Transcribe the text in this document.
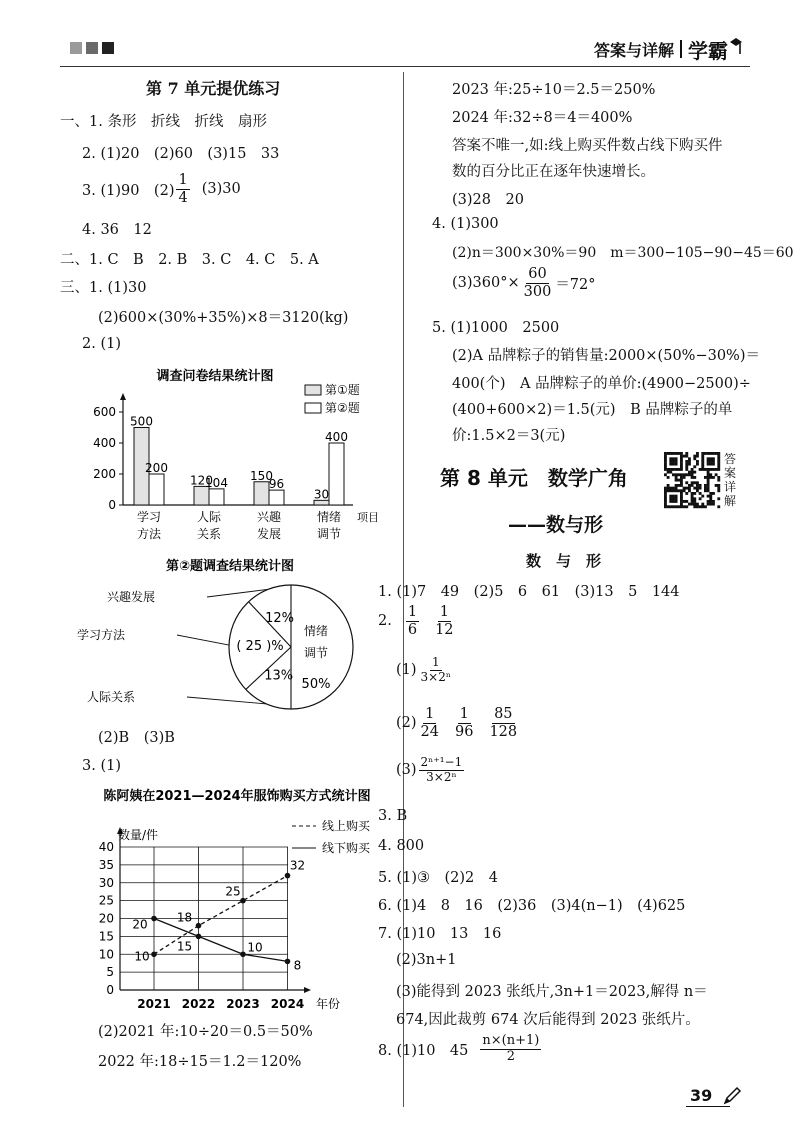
答案与详解 学霸
第 7 单元提优练习
一、1. 条形　折线　折线　扇形
2. (1)20　(2)60　(3)15　33
3. (1)90　$(2) \frac{1}{4} (3)30$
4. 36　12
二、1. C　B　2. B　3. C　4. C　5. A
三、1. (1)30
(2)600×(30%+35%)×8＝3120(kg)
2. (1)
调查问卷结果统计图
0
200
400
600
500
200
学习
方法
120
104
人际
关系
150
96
兴趣
发展
30
400
情绪
调节
项目
第①题
第②题
第②题调查结果统计图
12%
( 25 )%
13%
50%
情绪
调节
兴趣发展
学习方法
人际关系
(2)B　(3)B
3. (1)
陈阿姨在2021—2024年服饰购买方式统计图
0
5
10
15
20
25
30
35
40
2021 2022 2023 2024
数量/件
年份
线上购买
线下购买
10
18
25
32
20
15	10
8
(2)2021 年:10÷20＝0.5＝50%
2022 年:18÷15＝1.2＝120%
2023 年:25÷10＝2.5＝250%
2024 年:32÷8＝4＝400%
答案不唯一,如:线上购买件数占线下购买件
数的百分比正在逐年快速增长。
(3)28　20
4. (1)300
(2)n＝300×30%＝90　m＝300−105−90−45＝60
$(3)360^\circ\times \frac{60}{300} =72^\circ$
5. (1)1000　2500
(2)A 品牌粽子的销售量:2000×(50%−30%)＝
400(个)　A 品牌粽子的单价:(4900−2500)÷
(400+600×2)＝1.5(元)　B 品牌粽子的单
价:1.5×2＝3(元)
第 8 单元　数学广角
——数与形
答案详解
数　与　形
1. (1)7　49　(2)5　6　61　(3)13　5　144
2. $\frac{1}{6} \frac{1}{12}$
$(1) \frac{1}{\text{3×2ⁿ}}$
$(2) \frac{1}{24} \frac{1}{96} \frac{85}{128}$
$(3) \frac{\text{2ⁿ⁺¹−1}}{\text{3×2ⁿ}}$
3. B
4. 800
5. (1)③　(2)2　4
6. (1)4　8　16　(2)36　(3)4(n−1)　(4)625
7. (1)10　13　16
(2)3n+1
(3)能得到 2023 张纸片,3n+1＝2023,解得 n＝
674,因此裁剪 674 次后能得到 2023 张纸片。
8. (1)10　$45 \frac{n\times(n+1)}{2}$
39
